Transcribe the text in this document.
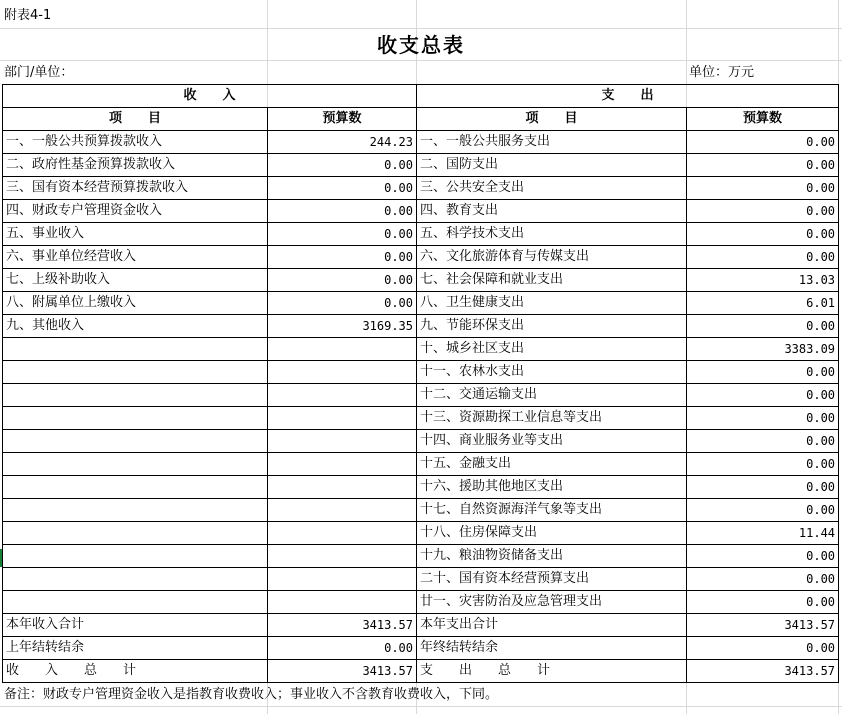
附表4-1
收支总表
部门/单位：	单位：万元
收　　入		支　　出	
项　　目	预算数	项　　目	预算数
一、一般公共预算拨款收入	244.23	一、一般公共服务支出	0.00
二、政府性基金预算拨款收入	0.00	二、国防支出	0.00
三、国有资本经营预算拨款收入	0.00	三、公共安全支出	0.00
四、财政专户管理资金收入	0.00	四、教育支出	0.00
五、事业收入	0.00	五、科学技术支出	0.00
六、事业单位经营收入	0.00	六、文化旅游体育与传媒支出	0.00
七、上级补助收入	0.00	七、社会保障和就业支出	13.03
八、附属单位上缴收入	0.00	八、卫生健康支出	6.01
九、其他收入	3169.35	九、节能环保支出	0.00
		十、城乡社区支出	3383.09
		十一、农林水支出	0.00
		十二、交通运输支出	0.00
		十三、资源勘探工业信息等支出	0.00
		十四、商业服务业等支出	0.00
		十五、金融支出	0.00
		十六、援助其他地区支出	0.00
		十七、自然资源海洋气象等支出	0.00
		十八、住房保障支出	11.44
		十九、粮油物资储备支出	0.00
		二十、国有资本经营预算支出	0.00
		廿一、灾害防治及应急管理支出	0.00
本年收入合计	3413.57	本年支出合计	3413.57
上年结转结余	0.00	年终结转结余	0.00
收　　入　　总　　计	3413.57	支　　出　　总　　计	3413.57
备注：财政专户管理资金收入是指教育收费收入；事业收入不含教育收费收入，下同。
